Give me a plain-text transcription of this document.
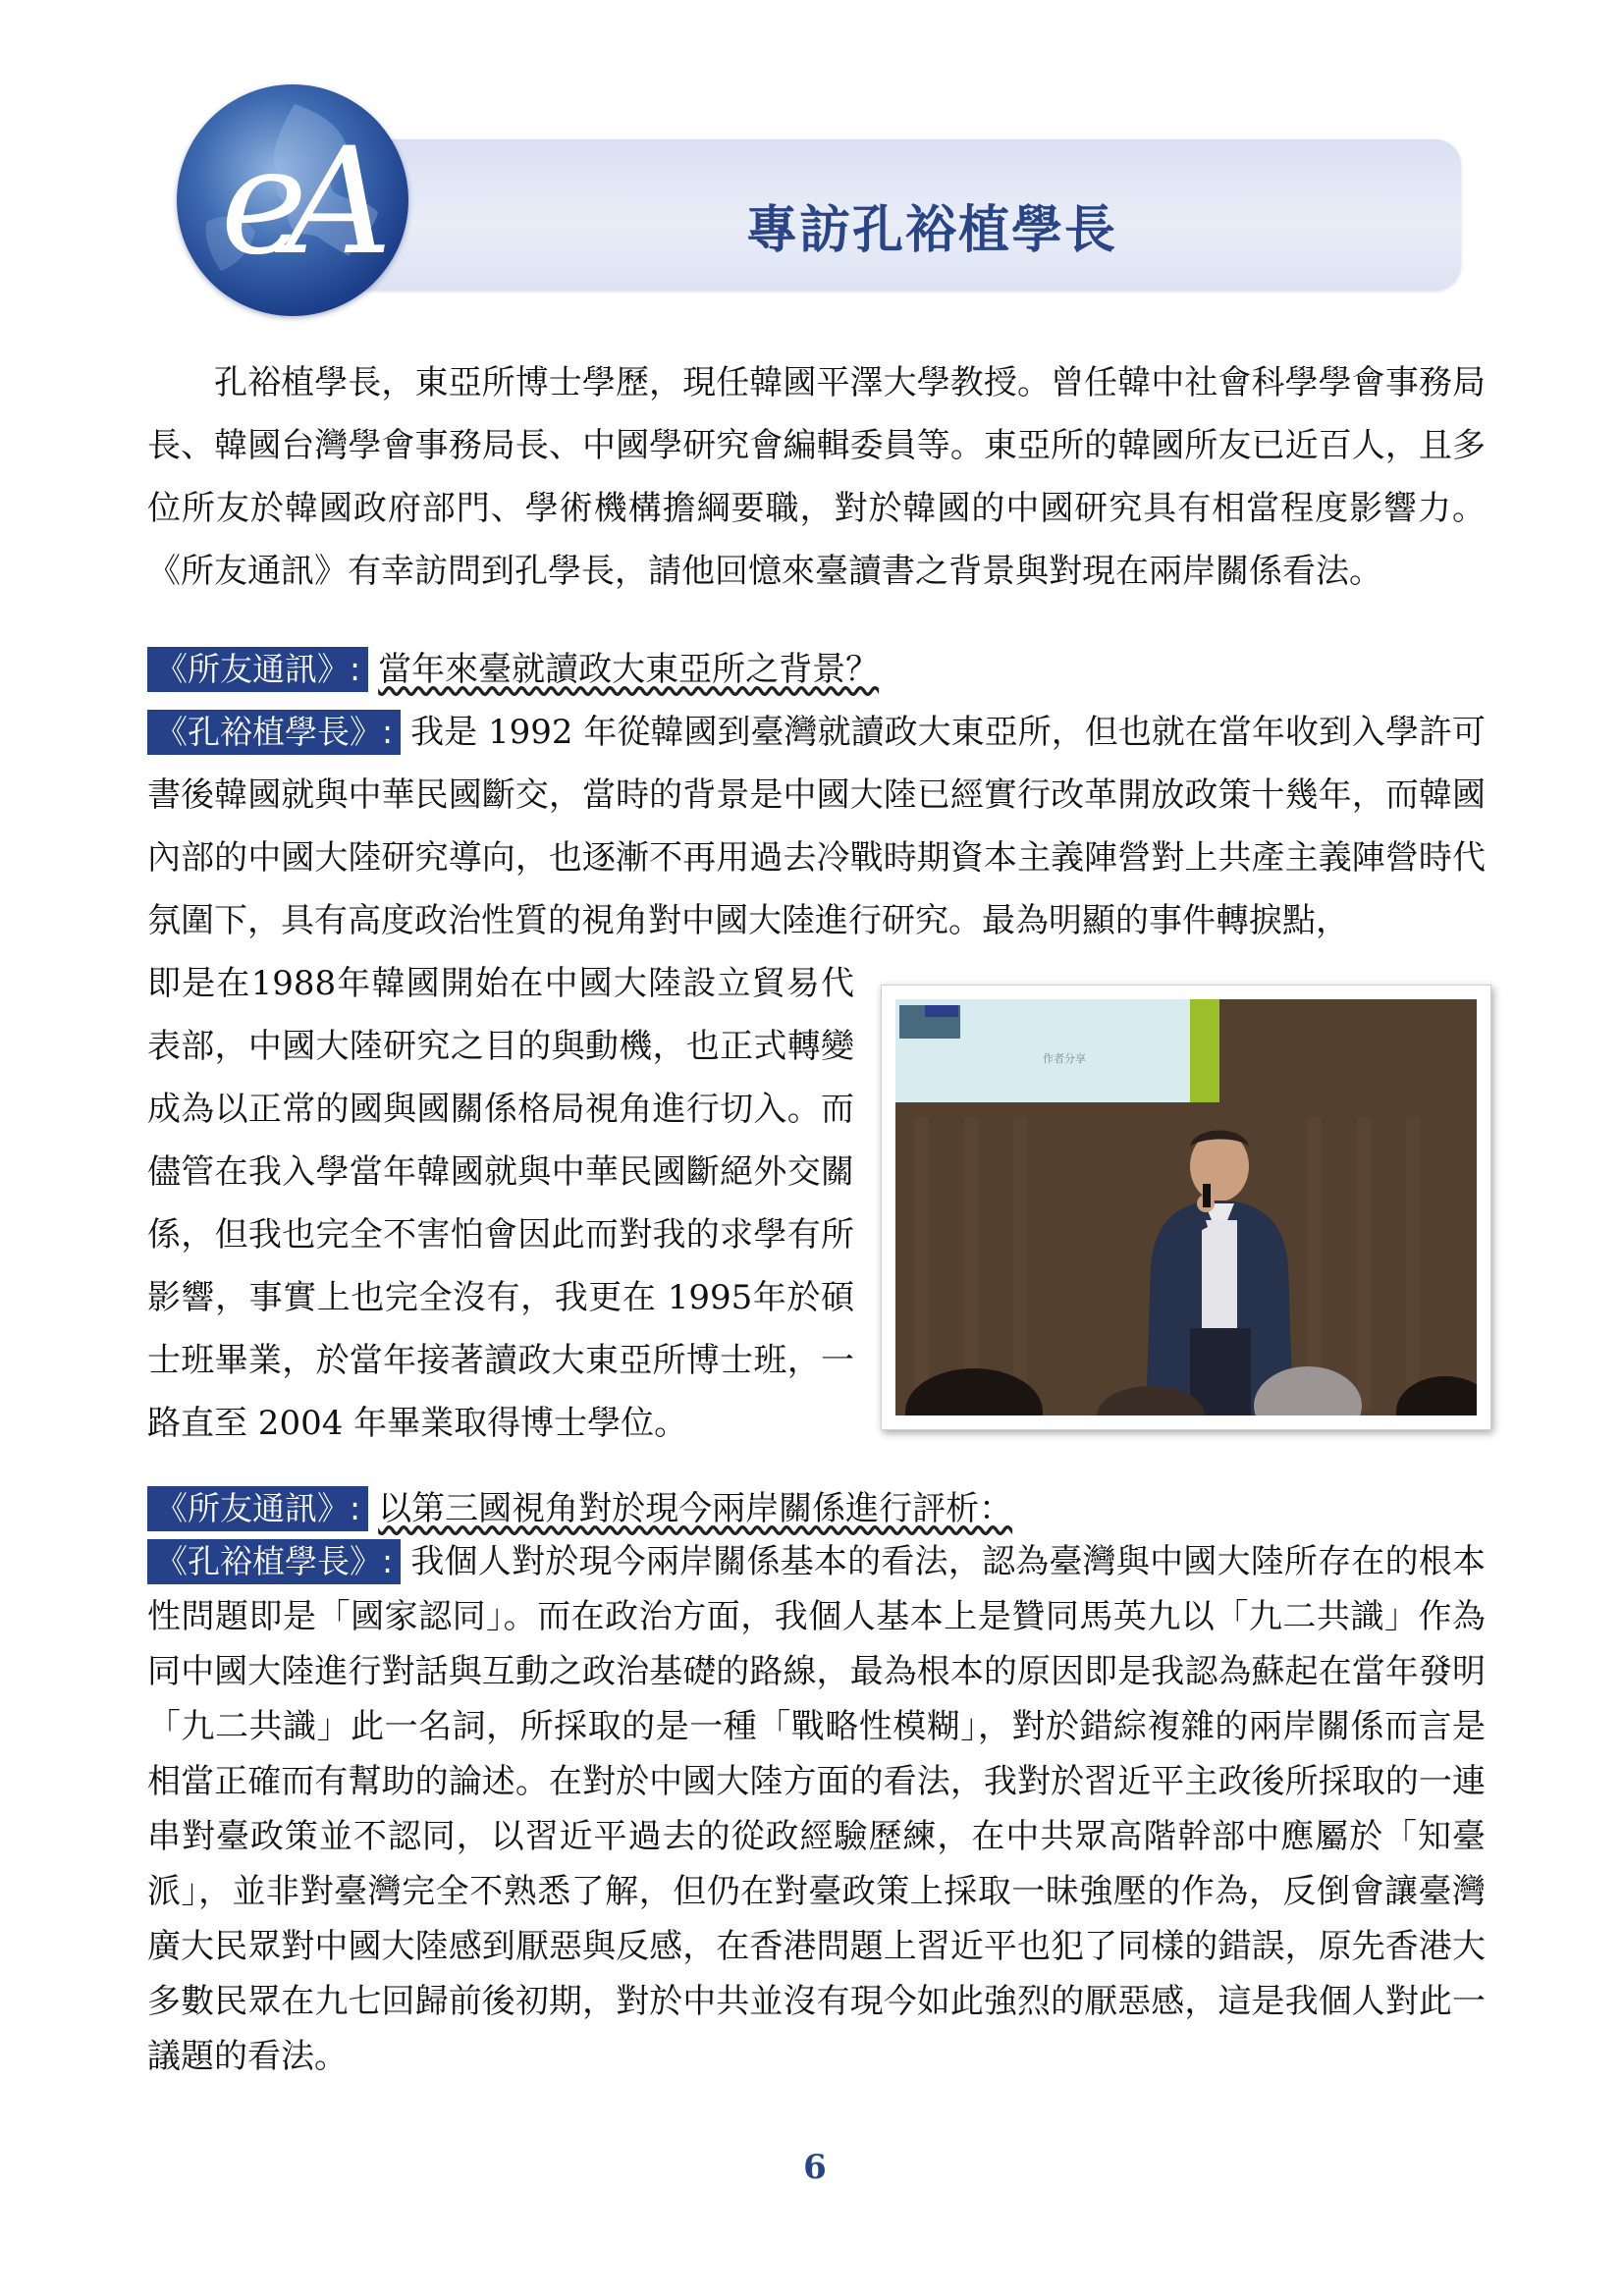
eA	專訪孔裕植學長

孔裕植學長，東亞所博士學歷，現任韓國平澤大學教授。曾任韓中社會科學學會事務局長、韓國台灣學會事務局長、中國學研究會編輯委員等。東亞所的韓國所友已近百人，且多位所友於韓國政府部門、學術機構擔綱要職，對於韓國的中國研究具有相當程度影響力。《所友通訊》有幸訪問到孔學長，請他回憶來臺讀書之背景與對現在兩岸關係看法。

《所友通訊》: 當年來臺就讀政大東亞所之背景？

《孔裕植學長》: 我是 1992 年從韓國到臺灣就讀政大東亞所，但也就在當年收到入學許可書後韓國就與中華民國斷交，當時的背景是中國大陸已經實行改革開放政策十幾年，而韓國內部的中國大陸研究導向，也逐漸不再用過去冷戰時期資本主義陣營對上共產主義陣營時代氛圍下，具有高度政治性質的視角對中國大陸進行研究。最為明顯的事件轉捩點，

即是在1988年韓國開始在中國大陸設立貿易代表部，中國大陸研究之目的與動機，也正式轉變成為以正常的國與國關係格局視角進行切入。而儘管在我入學當年韓國就與中華民國斷絕外交關係，但我也完全不害怕會因此而對我的求學有所影響，事實上也完全沒有，我更在 1995年於碩士班畢業，於當年接著讀政大東亞所博士班，一路直至 2004 年畢業取得博士學位。

作者分享
《所友通訊》: 以第三國視角對於現今兩岸關係進行評析：

《孔裕植學長》: 我個人對於現今兩岸關係基本的看法，認為臺灣與中國大陸所存在的根本性問題即是「國家認同」。而在政治方面，我個人基本上是贊同馬英九以「九二共識」作為同中國大陸進行對話與互動之政治基礎的路線，最為根本的原因即是我認為蘇起在當年發明「九二共識」此一名詞，所採取的是一種「戰略性模糊」，對於錯綜複雜的兩岸關係而言是相當正確而有幫助的論述。在對於中國大陸方面的看法，我對於習近平主政後所採取的一連串對臺政策並不認同，以習近平過去的從政經驗歷練，在中共眾高階幹部中應屬於「知臺派」，並非對臺灣完全不熟悉了解，但仍在對臺政策上採取一昧強壓的作為，反倒會讓臺灣廣大民眾對中國大陸感到厭惡與反感，在香港問題上習近平也犯了同樣的錯誤，原先香港大多數民眾在九七回歸前後初期，對於中共並沒有現今如此強烈的厭惡感，這是我個人對此一議題的看法。

6
